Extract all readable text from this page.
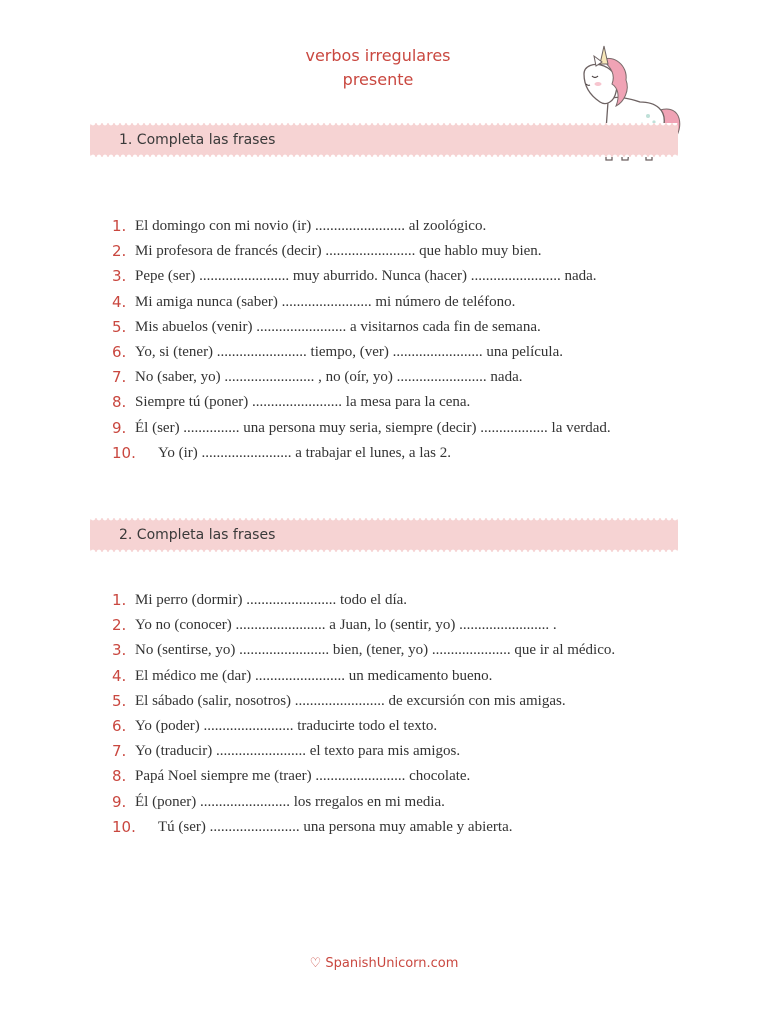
verbos irregulares
presente
1. Completa las frases
1. El domingo con mi novio (ir) ........................ al zoológico.
2. Mi profesora de francés (decir) ........................ que hablo muy bien.
3. Pepe (ser) ........................ muy aburrido. Nunca (hacer) ........................ nada.
4. Mi amiga nunca (saber) ........................ mi número de teléfono.
5. Mis abuelos (venir) ........................ a visitarnos cada fin de semana.
6. Yo, si (tener) ........................ tiempo, (ver) ........................ una película.
7. No (saber, yo) ........................ , no (oír, yo) ........................ nada.
8. Siempre tú (poner) ........................ la mesa para la cena.
9. Él (ser) ............... una persona muy seria, siempre (decir) .................. la verdad.
10. Yo (ir) ........................ a trabajar el lunes, a las 2.
2. Completa las frases
1. Mi perro (dormir) ........................ todo el día.
2. Yo no (conocer) ........................ a Juan, lo (sentir, yo) ........................ .
3. No (sentirse, yo) ........................ bien, (tener, yo) ..................... que ir al médico.
4. El médico me (dar) ........................ un medicamento bueno.
5. El sábado (salir, nosotros) ........................ de excursión con mis amigas.
6. Yo (poder) ........................ traducirte todo el texto.
7. Yo (traducir) ........................ el texto para mis amigos.
8. Papá Noel siempre me (traer) ........................ chocolate.
9. Él (poner) ........................ los rregalos en mi media.
10. Tú (ser) ........................ una persona muy amable y abierta.
♡ SpanishUnicorn.com
